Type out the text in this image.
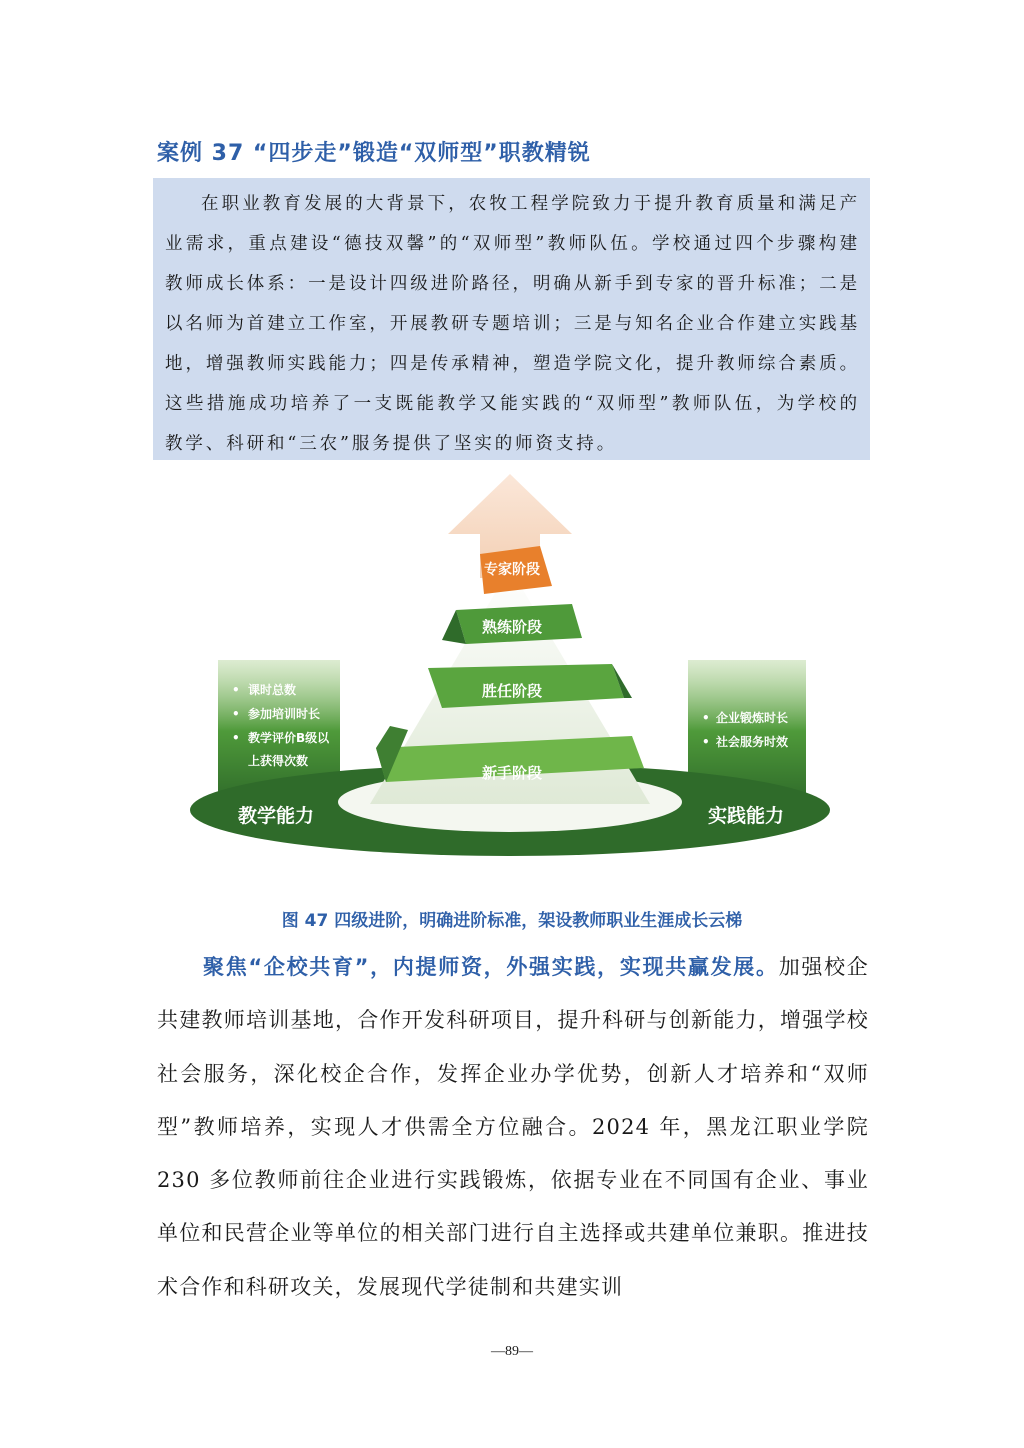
案例 37 “四步走”锻造“双师型”职教精锐

在职业教育发展的大背景下，农牧工程学院致力于提升教育质量和满足产业需求，重点建设“德技双馨”的“双师型”教师队伍。学校通过四个步骤构建教师成长体系：一是设计四级进阶路径，明确从新手到专家的晋升标准；二是以名师为首建立工作室，开展教研专题培训；三是与知名企业合作建立实践基地，增强教师实践能力；四是传承精神，塑造学院文化，提升教师综合素质。这些措施成功培养了一支既能教学又能实践的“双师型”教师队伍，为学校的教学、科研和“三农”服务提供了坚实的师资支持。

专家阶段
熟练阶段
胜任阶段
新手阶段
• 课时总数
• 参加培训时长
• 教学评价B级以
上获得次数
• 企业锻炼时长
• 社会服务时效
教学能力	实践能力
图 47 四级进阶，明确进阶标准，架设教师职业生涯成长云梯

聚焦“企校共育”，内提师资，外强实践，实现共赢发展。加强校企共建教师培训基地，合作开发科研项目，提升科研与创新能力，增强学校社会服务，深化校企合作，发挥企业办学优势，创新人才培养和“双师型”教师培养，实现人才供需全方位融合。2024 年，黑龙江职业学院 230 多位教师前往企业进行实践锻炼，依据专业在不同国有企业、事业单位和民营企业等单位的相关部门进行自主选择或共建单位兼职。推进技术合作和科研攻关，发展现代学徒制和共建实训

—89—
